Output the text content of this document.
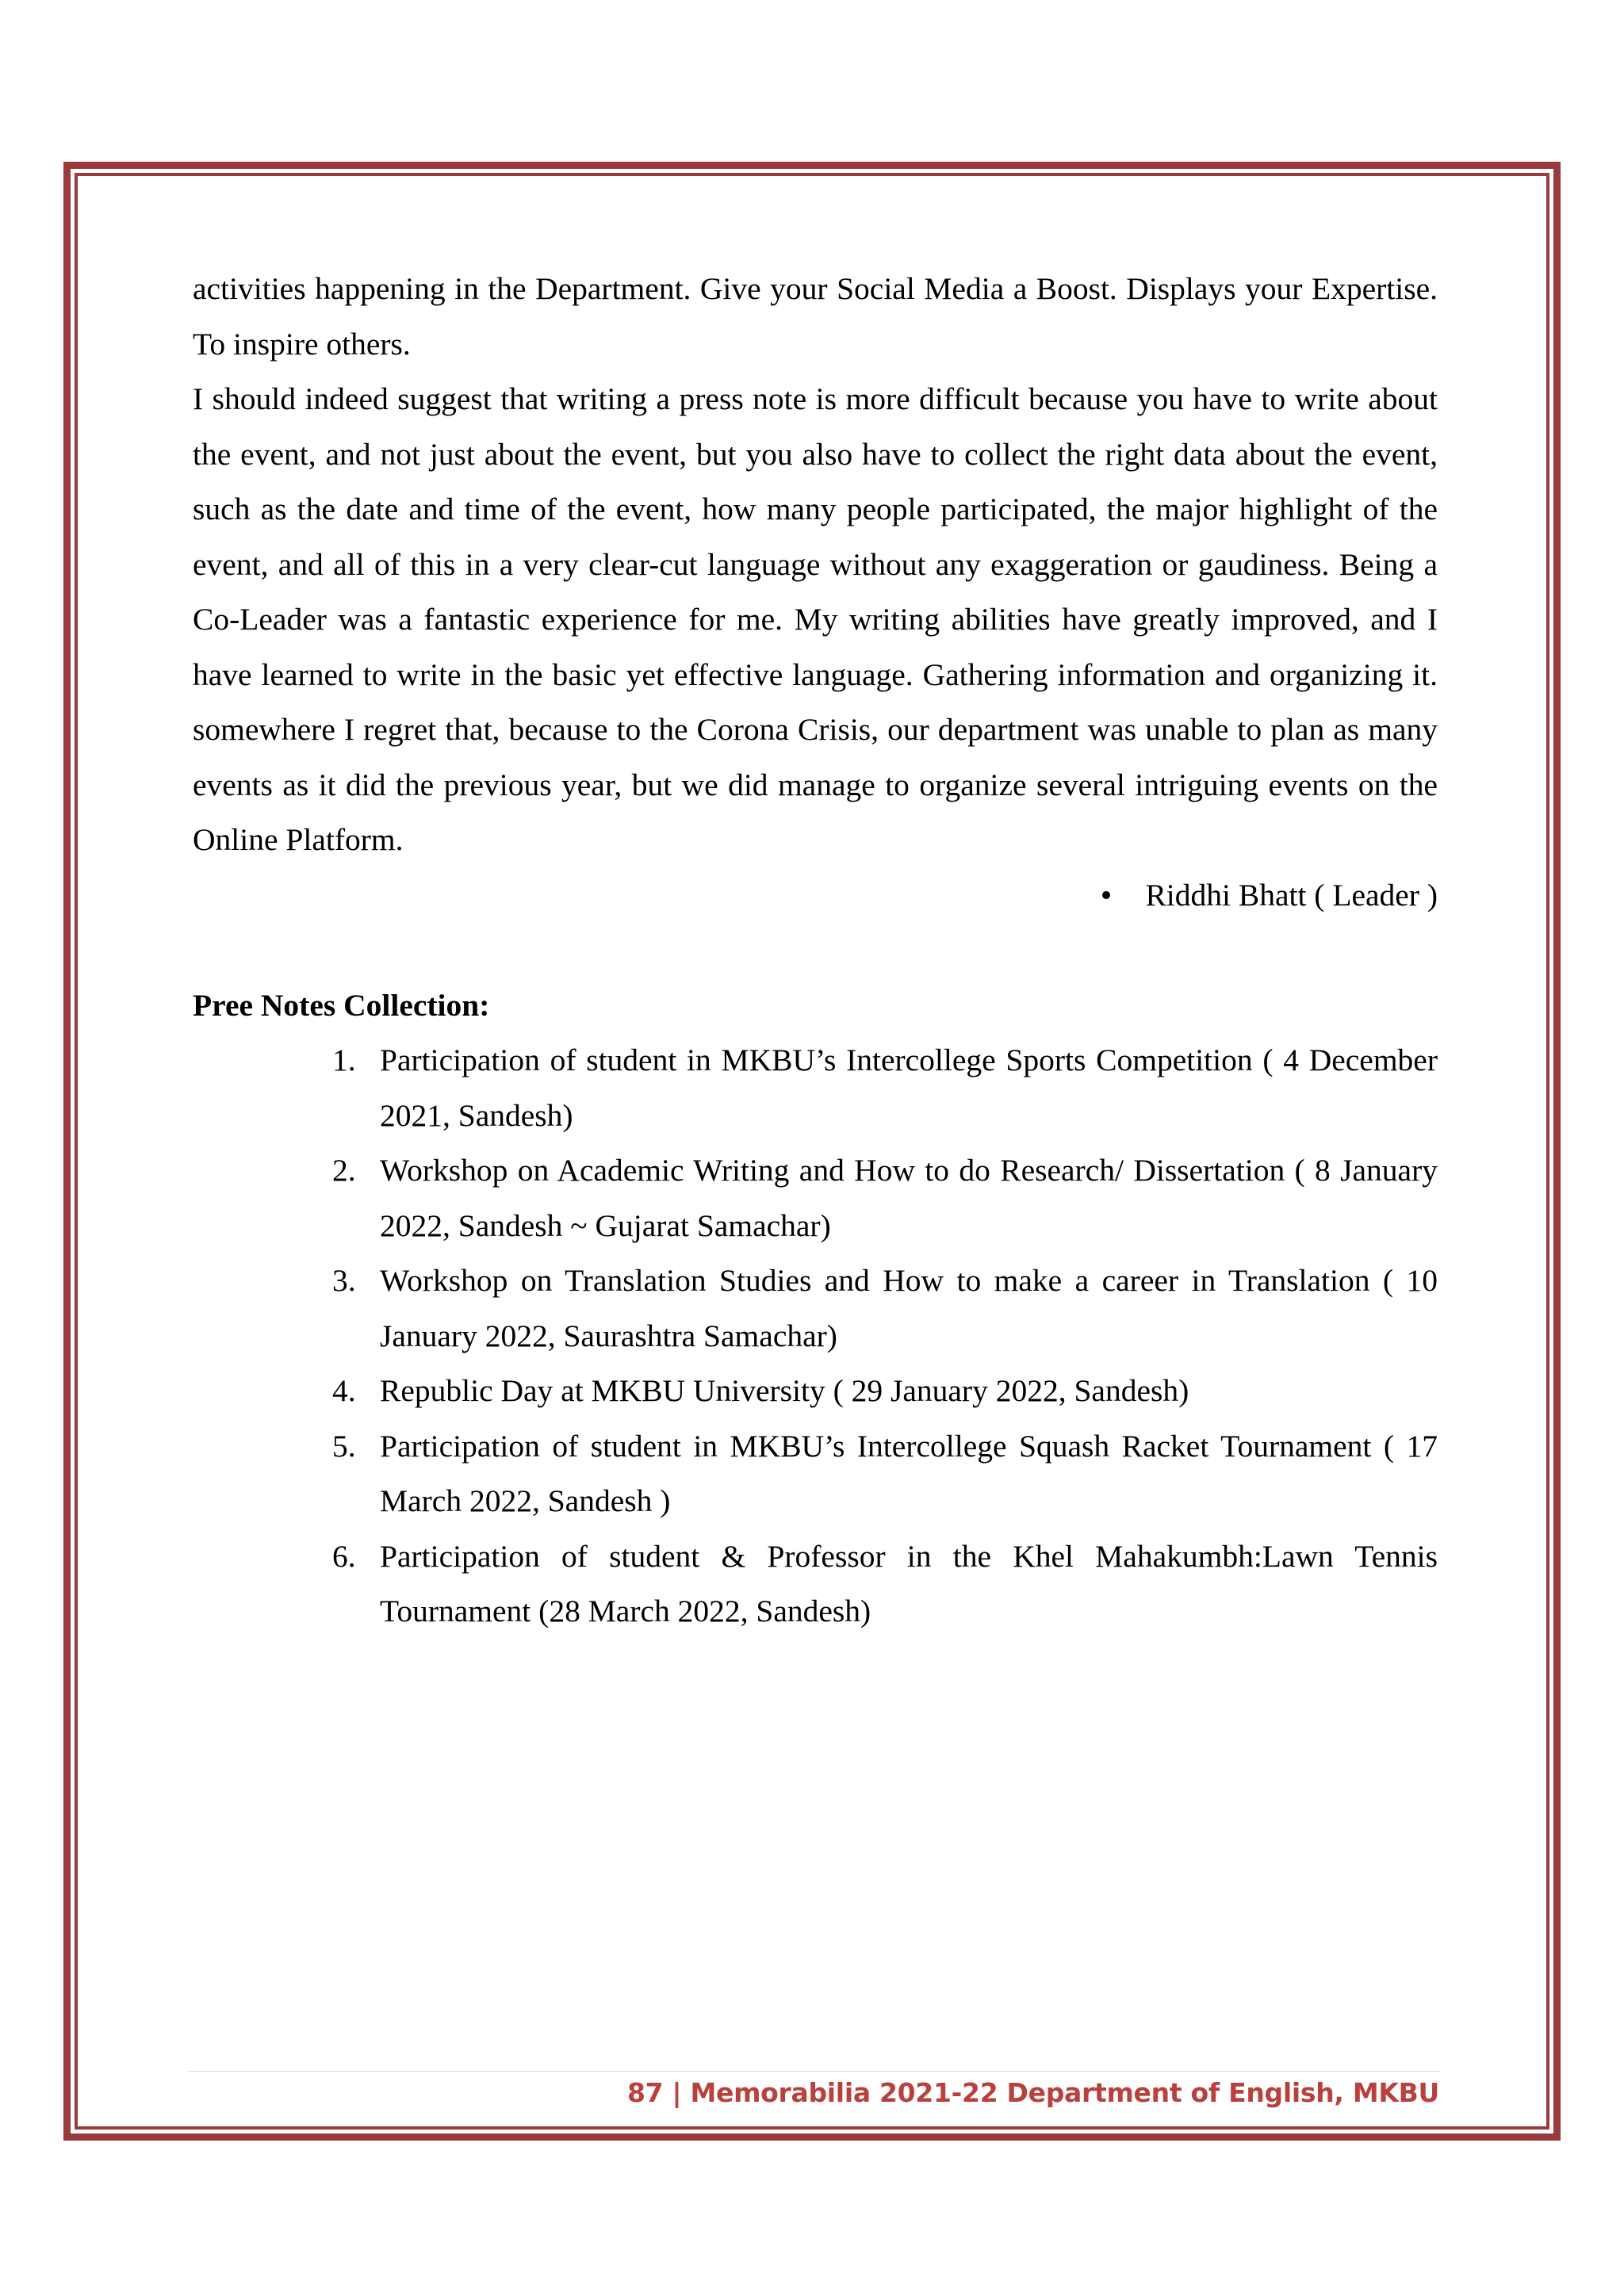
activities happening in the Department. Give your Social Media a Boost. Displays your Expertise. To inspire others.

I should indeed suggest that writing a press note is more difficult because you have to write about the event, and not just about the event, but you also have to collect the right data about the event, such as the date and time of the event, how many people participated, the major highlight of the event, and all of this in a very clear-cut language without any exaggeration or gaudiness. Being a Co-Leader was a fantastic experience for me. My writing abilities have greatly improved, and I have learned to write in the basic yet effective language. Gathering information and organizing it. somewhere I regret that, because to the Corona Crisis, our department was unable to plan as many events as it did the previous year, but we did manage to organize several intriguing events on the Online Platform.

Riddhi Bhatt ( Leader )

Pree Notes Collection:

1. Participation of student in MKBU’s Intercollege Sports Competition ( 4 December 2021, Sandesh)
2. Workshop on Academic Writing and How to do Research/ Dissertation ( 8 January 2022, Sandesh ~ Gujarat Samachar)
3. Workshop on Translation Studies and How to make a career in Translation ( 10 January 2022, Saurashtra Samachar)
4. Republic Day at MKBU University ( 29 January 2022, Sandesh)
5. Participation of student in MKBU’s Intercollege Squash Racket Tournament ( 17 March 2022, Sandesh )
6. Participation of student & Professor in the Khel Mahakumbh:Lawn Tennis Tournament (28 March 2022, Sandesh)
87 | Memorabilia 2021-22 Department of English, MKBU
